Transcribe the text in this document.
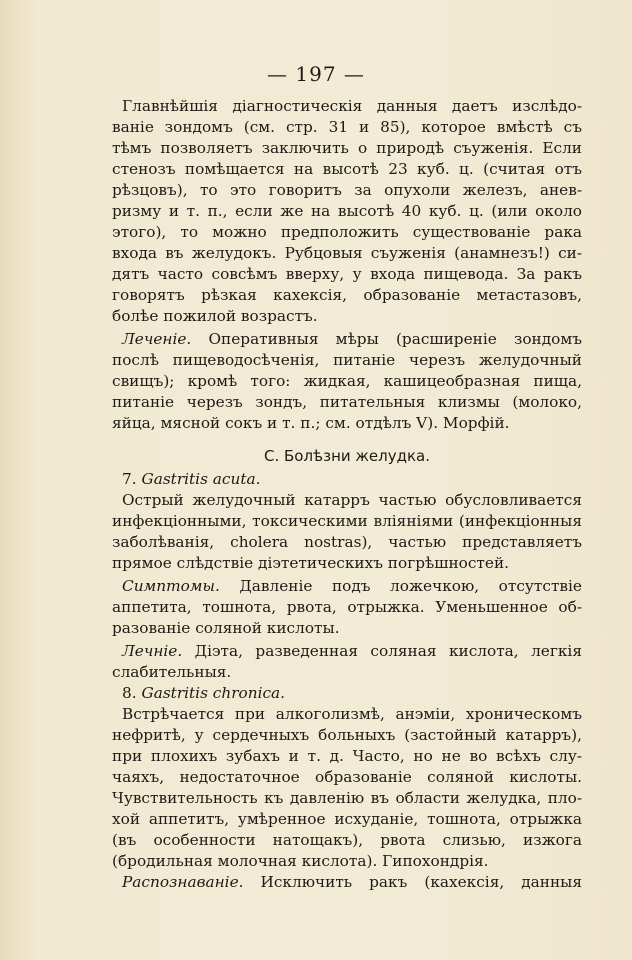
— 197 —
Главнѣйшія діагностическія данныя даетъ изслѣдо-
ваніе зондомъ (см. стр. 31 и 85), которое вмѣстѣ съ
тѣмъ позволяетъ заключить о природѣ съуженія. Если
стенозъ помѣщается на высотѣ 23 куб. ц. (считая отъ
рѣзцовъ), то это говоритъ за опухоли железъ, анев-
ризму и т. п., если же на высотѣ 40 куб. ц. (или около
этого), то можно предположить существованіе рака
входа въ желудокъ. Рубцовыя съуженія (анамнезъ!) си-
дятъ часто совсѣмъ вверху, у входа пищевода. За ракъ
говорятъ рѣзкая кахексія, образованіе метастазовъ,
болѣе пожилой возрастъ.
Леченіе. Оперативныя мѣры (расширеніе зондомъ
послѣ пищеводосѣченія, питаніе черезъ желудочный
свищъ); кромѣ того: жидкая, кашицеобразная пища,
питаніе черезъ зондъ, питательныя клизмы (молоко,
яйца, мясной сокъ и т. п.; см. отдѣлъ V). Морфій.
C. Болѣзни желудка.
7. Gastritis acuta.
Острый желудочный катарръ частью обусловливается
инфекціонными, токсическими вліяніями (инфекціонныя
заболѣванія, cholera nostras), частью представляетъ
прямое слѣдствіе діэтетическихъ погрѣшностей.
Симптомы. Давленіе подъ ложечкою, отсутствіе
аппетита, тошнота, рвота, отрыжка. Уменьшенное об-
разованіе соляной кислоты.
Лечніе. Діэта, разведенная соляная кислота, легкія
слабительныя.
8. Gastritis chronica.
Встрѣчается при алкоголизмѣ, анэміи, хроническомъ
нефритѣ, у сердечныхъ больныхъ (застойный катарръ),
при плохихъ зубахъ и т. д. Часто, но не во всѣхъ слу-
чаяхъ, недостаточное образованіе соляной кислоты.
Чувствительность къ давленію въ области желудка, пло-
хой аппетитъ, умѣренное исхуданіе, тошнота, отрыжка
(въ особенности натощакъ), рвота слизью, изжога
(бродильная молочная кислота). Гипохондрія.
Распознаваніе. Исключить ракъ (кахексія, данныя
